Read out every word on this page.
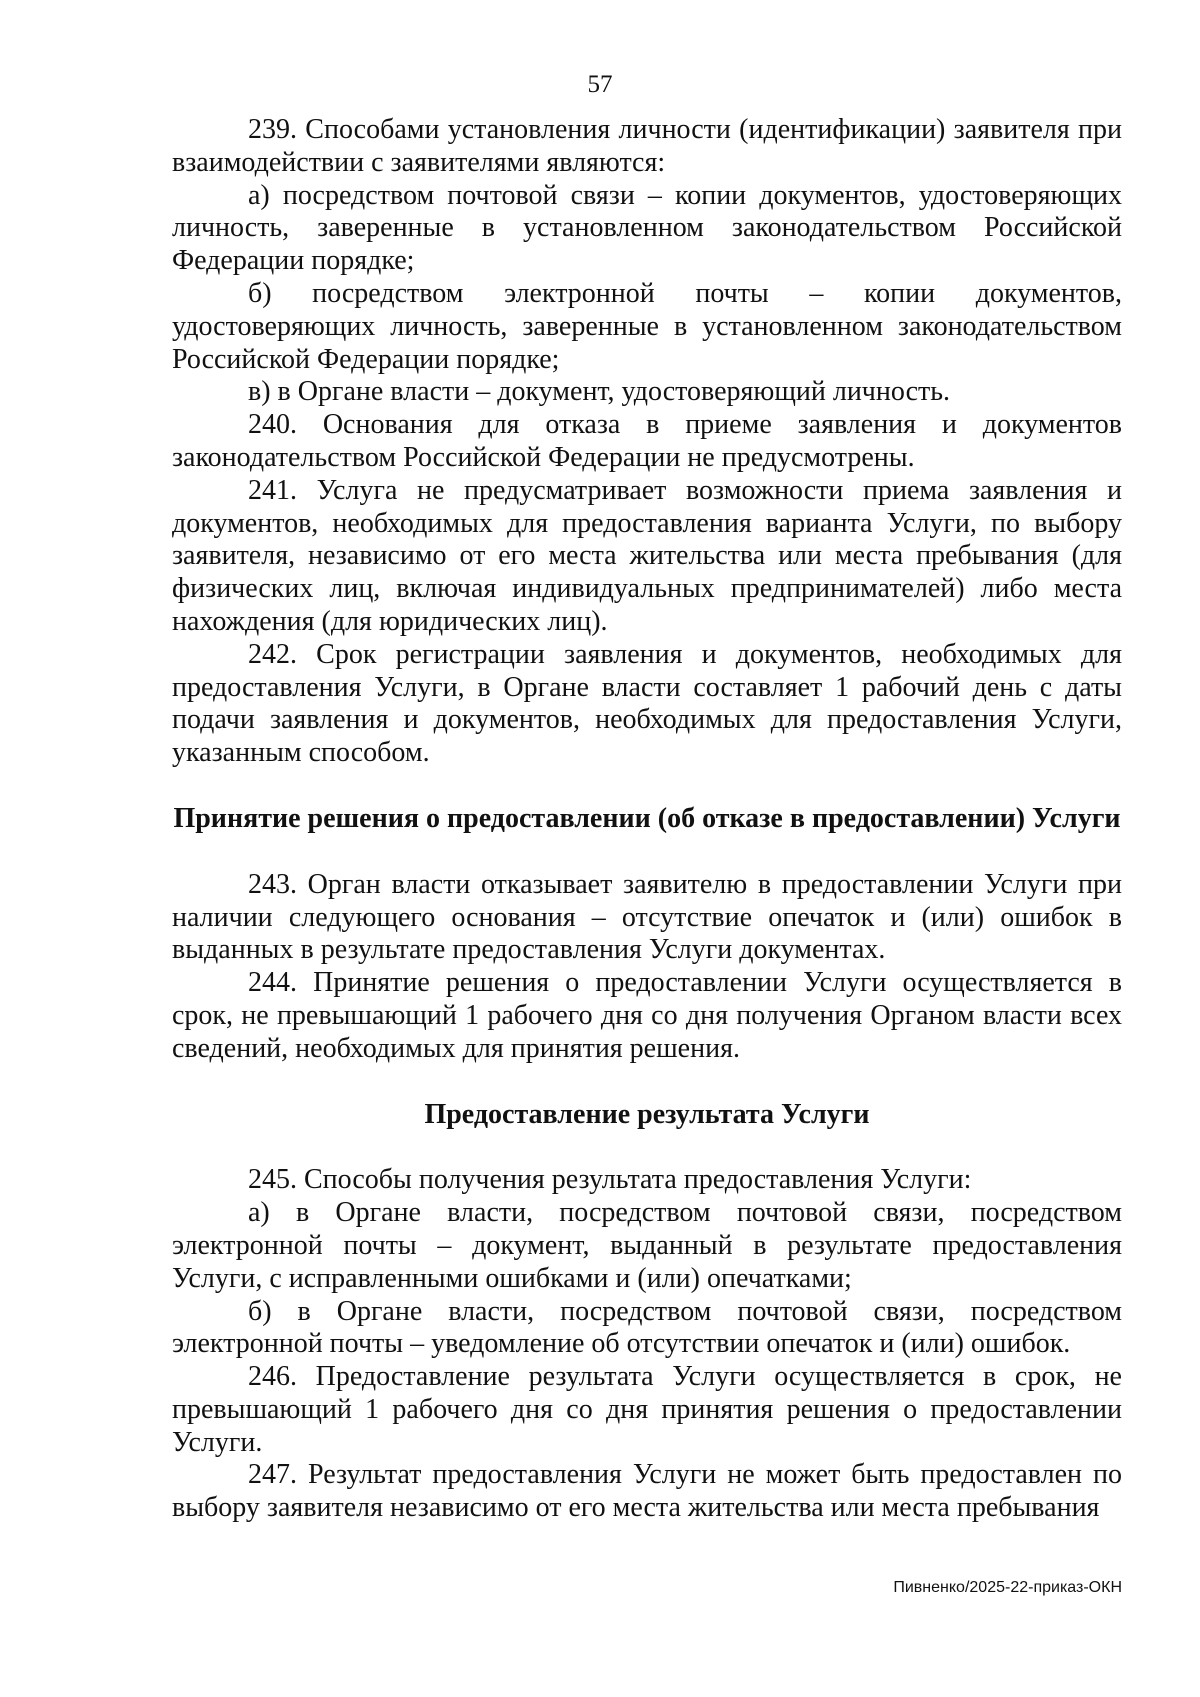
57

239. Способами установления личности (идентификации) заявителя при взаимодействии с заявителями являются:

а) посредством почтовой связи – копии документов, удостоверяющих личность, заверенные в установленном законодательством Российской Федерации порядке;

б) посредством электронной почты – копии документов, удостоверяющих личность, заверенные в установленном законодательством Российской Федерации порядке;

в) в Органе власти – документ, удостоверяющий личность.

240. Основания для отказа в приеме заявления и документов законодательством Российской Федерации не предусмотрены.

241. Услуга не предусматривает возможности приема заявления и документов, необходимых для предоставления варианта Услуги, по выбору заявителя, независимо от его места жительства или места пребывания (для физических лиц, включая индивидуальных предпринимателей) либо места нахождения (для юридических лиц).

242. Срок регистрации заявления и документов, необходимых для предоставления Услуги, в Органе власти составляет 1 рабочий день с даты подачи заявления и документов, необходимых для предоставления Услуги, указанным способом.

Принятие решения о предоставлении (об отказе в предоставлении) Услуги

243. Орган власти отказывает заявителю в предоставлении Услуги при наличии следующего основания – отсутствие опечаток и (или) ошибок в выданных в результате предоставления Услуги документах.

244. Принятие решения о предоставлении Услуги осуществляется в срок, не превышающий 1 рабочего дня со дня получения Органом власти всех сведений, необходимых для принятия решения.

Предоставление результата Услуги

245. Способы получения результата предоставления Услуги:

а) в Органе власти, посредством почтовой связи, посредством электронной почты – документ, выданный в результате предоставления Услуги, с исправленными ошибками и (или) опечатками;

б) в Органе власти, посредством почтовой связи, посредством электронной почты – уведомление об отсутствии опечаток и (или) ошибок.

246. Предоставление результата Услуги осуществляется в срок, не превышающий 1 рабочего дня со дня принятия решения о предоставлении Услуги.

247. Результат предоставления Услуги не может быть предоставлен по выбору заявителя независимо от его места жительства или места пребывания

Пивненко/2025-22-приказ-ОКН
